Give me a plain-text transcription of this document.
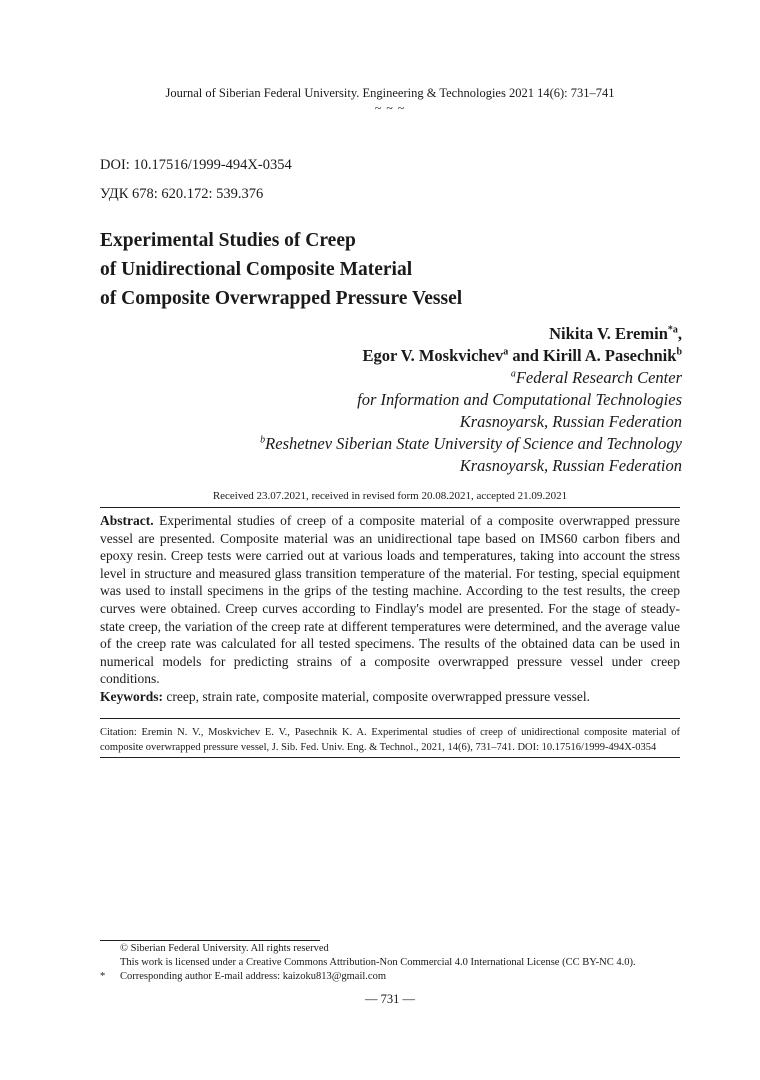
Journal of Siberian Federal University. Engineering & Technologies 2021 14(6): 731–741
~ ~ ~
DOI: 10.17516/1999-494X-0354
УДК 678: 620.172: 539.376
Experimental Studies of Creep
of Unidirectional Composite Material
of Composite Overwrapped Pressure Vessel
Nikita V. Eremin$^{*a}$,
Egor V. Moskvichev$^a$ and Kirill A. Pasechnik$^b$
$^a$Federal Research Center
for Information and Computational Technologies
Krasnoyarsk, Russian Federation
$^b$Reshetnev Siberian State University of Science and Technology
Krasnoyarsk, Russian Federation
Received 23.07.2021, received in revised form 20.08.2021, accepted 21.09.2021
Abstract. Experimental studies of creep of a composite material of a composite overwrapped pressure vessel are presented. Composite material was an unidirectional tape based on IMS60 carbon fibers and epoxy resin. Creep tests were carried out at various loads and temperatures, taking into account the stress level in structure and measured glass transition temperature of the material. For testing, special equipment was used to install specimens in the grips of the testing machine. According to the test results, the creep curves were obtained. Creep curves according to Findlay's model are presented. For the stage of steady-state creep, the variation of the creep rate at different temperatures were determined, and the average value of the creep rate was calculated for all tested specimens. The results of the obtained data can be used in numerical models for predicting strains of a composite overwrapped pressure vessel under creep conditions.
Keywords: creep, strain rate, composite material, composite overwrapped pressure vessel.
Citation: Eremin N. V., Moskvichev E. V., Pasechnik K. A. Experimental studies of creep of unidirectional composite material of composite overwrapped pressure vessel, J. Sib. Fed. Univ. Eng. & Technol., 2021, 14(6), 731–741. DOI: 10.17516/1999-494X-0354
© Siberian Federal University. All rights reserved
This work is licensed under a Creative Commons Attribution-Non Commercial 4.0 International License (CC BY-NC 4.0).
* Corresponding author E-mail address: kaizoku813@gmail.com
— 731 —
